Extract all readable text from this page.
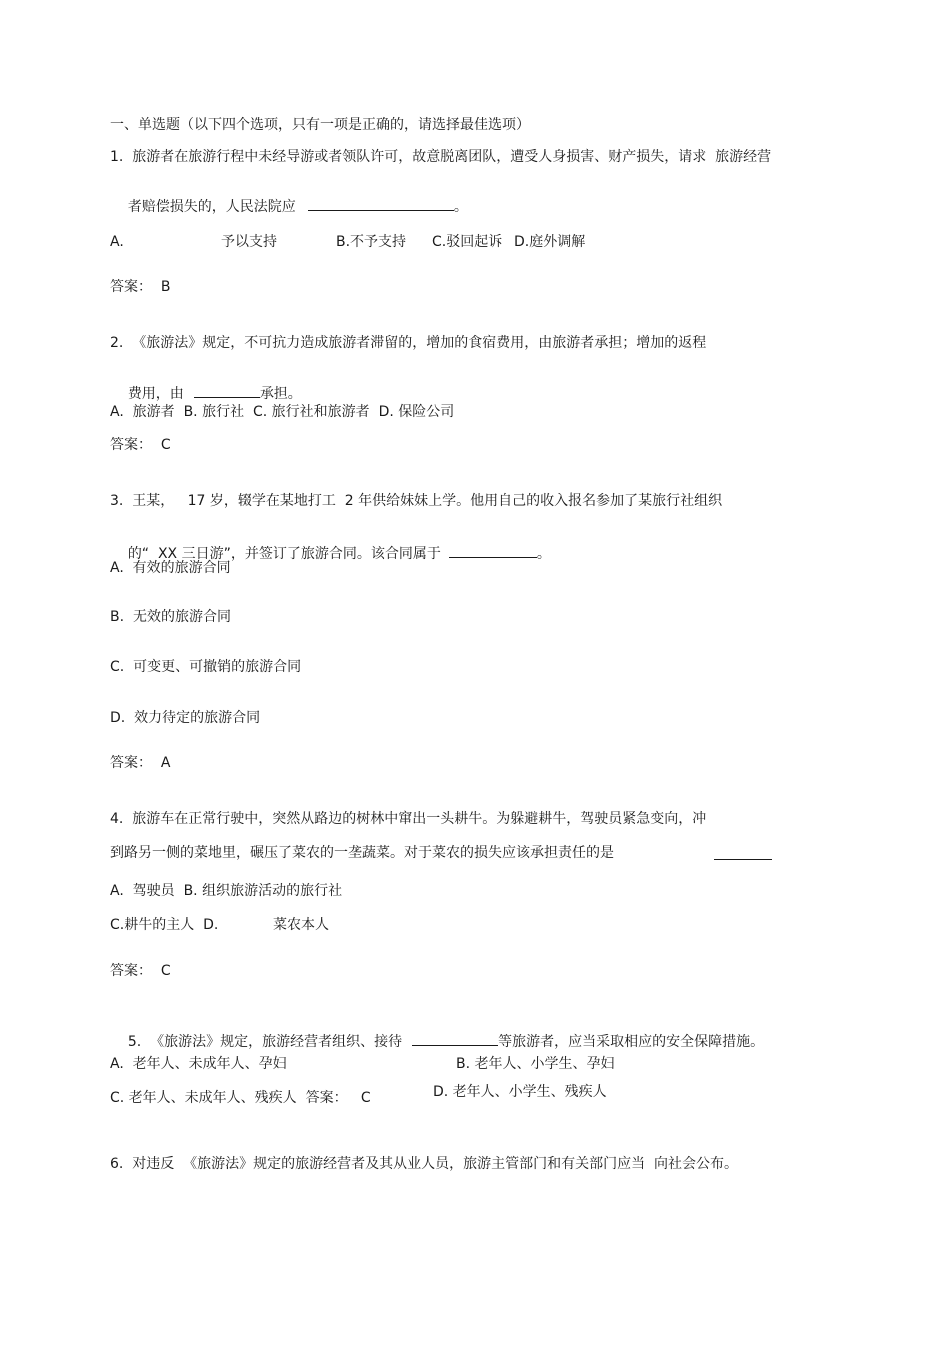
一、单选题（以下四个选项，只有一项是正确的，请选择最佳选项）
1.  旅游者在旅游行程中未经导游或者领队许可，故意脱离团队，遭受人身损害、财产损失，请求  旅游经营

者赔偿损失的，人民法院应	。

A.	予以支持	B.不予支持 C.驳回起诉 D.庭外调解
答案：  B
2.  《旅游法》规定，不可抗力造成旅游者滞留的，增加的食宿费用，由旅游者承担；增加的返程

费用，由	承担。

A.  旅游者  B. 旅行社  C. 旅行社和旅游者  D. 保险公司
答案：  C
3.  王某，   17 岁，辍学在某地打工  2 年供给妹妹上学。他用自己的收入报名参加了某旅行社组织

的“  XX 三日游”，并签订了旅游合同。该合同属于	。

A.  有效的旅游合同
B.  无效的旅游合同
C.  可变更、可撤销的旅游合同
D.  效力待定的旅游合同
答案：  A
4.  旅游车在正常行驶中，突然从路边的树林中窜出一头耕牛。为躲避耕牛，驾驶员紧急变向，冲
到路另一侧的菜地里，碾压了菜农的一垄蔬菜。对于菜农的损失应该承担责任的是
A.  驾驶员  B. 组织旅游活动的旅行社
C.耕牛的主人  D.	菜农本人
答案：  C

5.  《旅游法》规定，旅游经营者组织、接待	等旅游者，应当采取相应的安全保障措施。

A.  老年人、未成年人、孕妇	B. 老年人、小学生、孕妇
C. 老年人、未成年人、残疾人  答案：   C	D. 老年人、小学生、残疾人
6.  对违反  《旅游法》规定的旅游经营者及其从业人员，旅游主管部门和有关部门应当  向社会公布。
